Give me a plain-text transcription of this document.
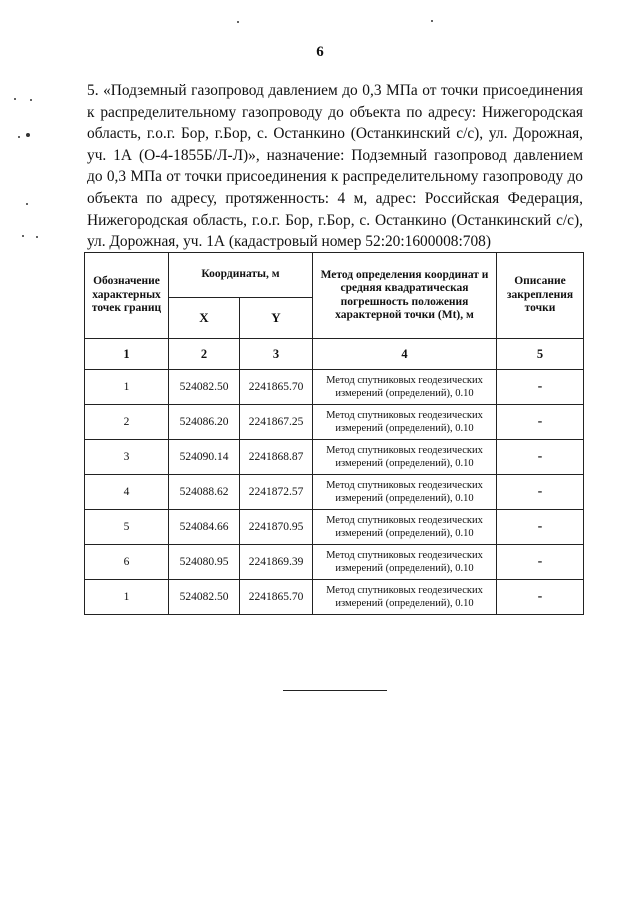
6

5. «Подземный газопровод давлением до 0,3 МПа от точки присоединения к распределительному газопроводу до объекта по адресу: Нижегородская область, г.о.г. Бор, г.Бор, с. Останкино (Останкинский с/с), ул. Дорожная, уч. 1А (О-4-1855Б/Л-Л)», назначение: Подземный газопровод давлением до 0,3 МПа от точки присоединения к распределительному газопроводу до объекта по адресу, протяженность: 4 м, адрес: Российская Федерация, Нижегородская область, г.о.г. Бор, г.Бор, с. Останкино (Останкинский с/с), ул. Дорожная, уч. 1А (кадастровый номер 52:20:1600008:708)

Обозначение характерных точек границ	Координаты, м		Метод определения координат и средняя квадратическая погрешность положения характерной точки (Mt), м	Описание закрепления точки
	X	Y		
1	2	3	4	5
1	524082.50	2241865.70	Метод спутниковых геодезических измерений (определений), 0.10	-
2	524086.20	2241867.25	Метод спутниковых геодезических измерений (определений), 0.10	-
3	524090.14	2241868.87	Метод спутниковых геодезических измерений (определений), 0.10	-
4	524088.62	2241872.57	Метод спутниковых геодезических измерений (определений), 0.10	-
5	524084.66	2241870.95	Метод спутниковых геодезических измерений (определений), 0.10	-
6	524080.95	2241869.39	Метод спутниковых геодезических измерений (определений), 0.10	-
1	524082.50	2241865.70	Метод спутниковых геодезических измерений (определений), 0.10	-
